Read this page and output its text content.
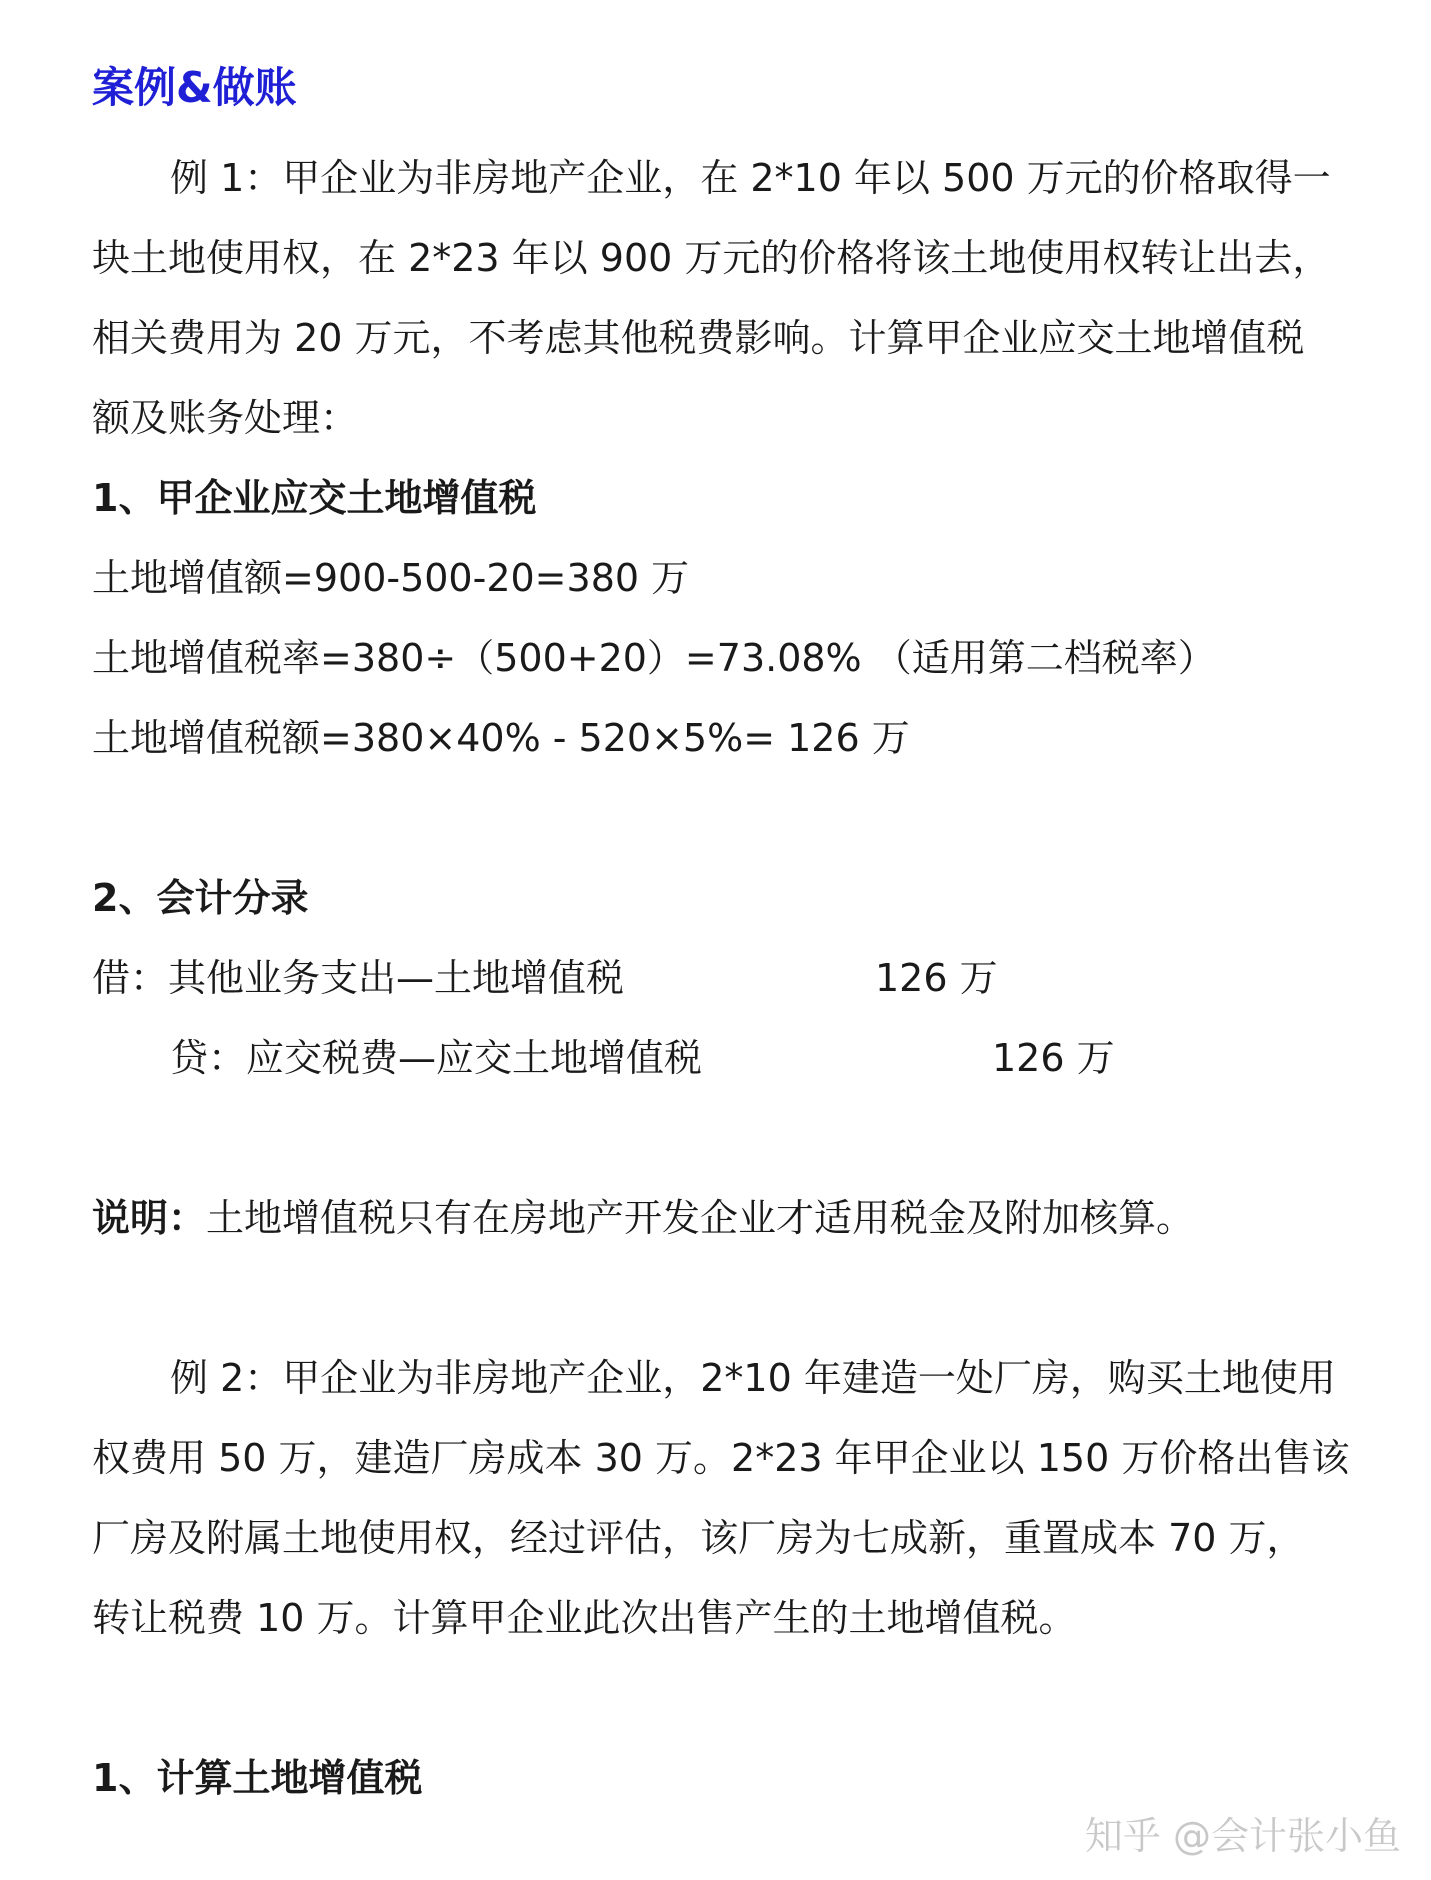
案例&做账
例 1：甲企业为非房地产企业，在 2*10 年以 500 万元的价格取得一
块土地使用权，在 2*23 年以 900 万元的价格将该土地使用权转让出去，
相关费用为 20 万元，不考虑其他税费影响。计算甲企业应交土地增值税
额及账务处理：
1、甲企业应交土地增值税
土地增值额=900-500-20=380 万
土地增值税率=380÷（500+20）=73.08% （适用第二档税率）
土地增值税额=380×40% - 520×5%= 126 万
2、会计分录
借：其他业务支出—土地增值税	126 万
贷：应交税费—应交土地增值税	126 万
说明：土地增值税只有在房地产开发企业才适用税金及附加核算。
例 2：甲企业为非房地产企业，2*10 年建造一处厂房，购买土地使用
权费用 50 万，建造厂房成本 30 万。2*23 年甲企业以 150 万价格出售该
厂房及附属土地使用权，经过评估，该厂房为七成新，重置成本 70 万，
转让税费 10 万。计算甲企业此次出售产生的土地增值税。
1、计算土地增值税
知乎 @会计张小鱼
